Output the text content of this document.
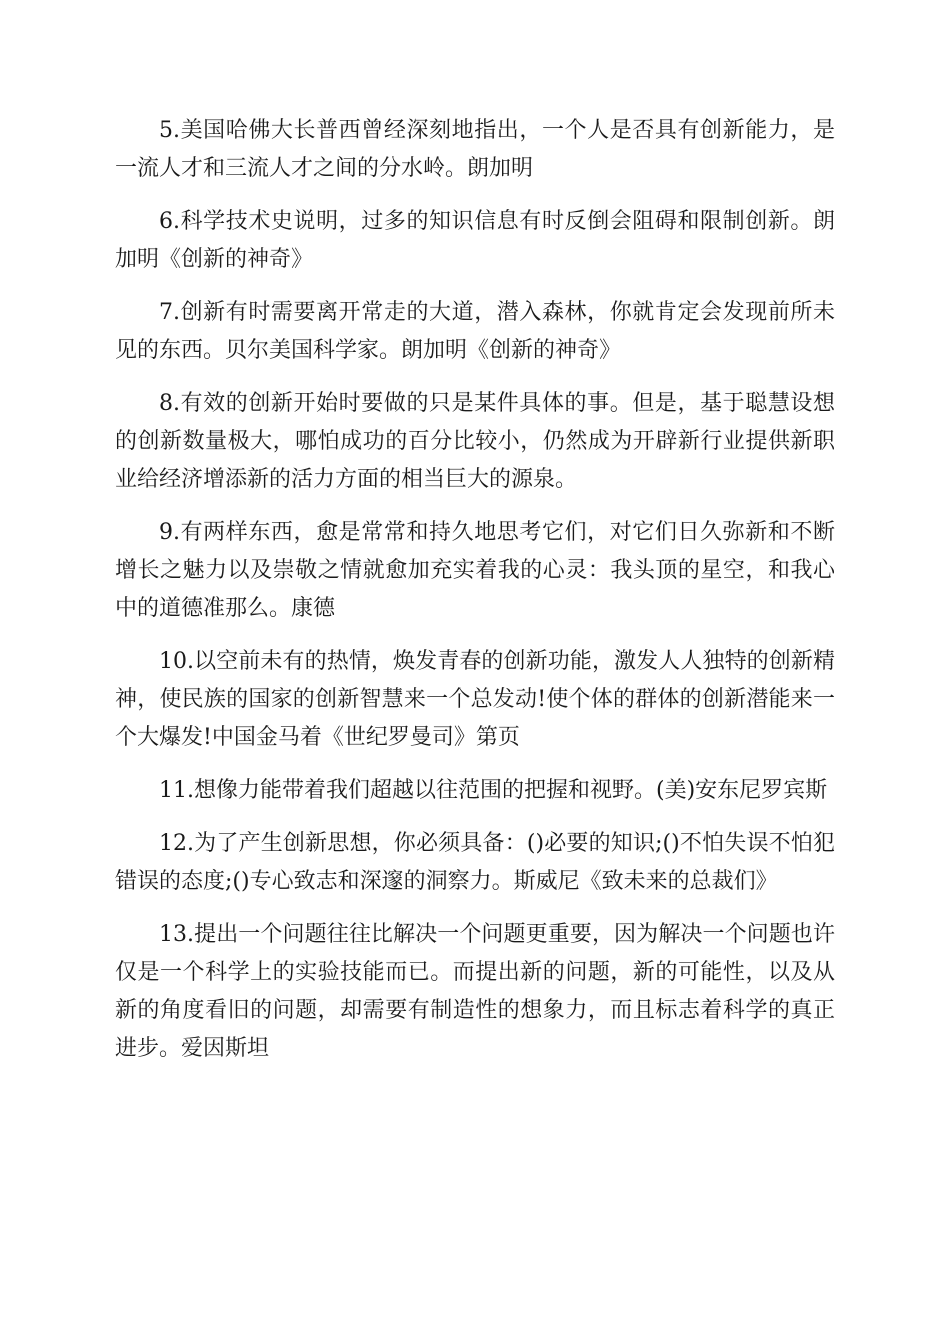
5.美国哈佛大长普西曾经深刻地指出，一个人是否具有创新能力，是一流人才和三流人才之间的分水岭。朗加明

6.科学技术史说明，过多的知识信息有时反倒会阻碍和限制创新。朗加明《创新的神奇》

7.创新有时需要离开常走的大道，潜入森林，你就肯定会发现前所未见的东西。贝尔美国科学家。朗加明《创新的神奇》

8.有效的创新开始时要做的只是某件具体的事。但是，基于聪慧设想的创新数量极大，哪怕成功的百分比较小，仍然成为开辟新行业提供新职业给经济增添新的活力方面的相当巨大的源泉。

9.有两样东西，愈是常常和持久地思考它们，对它们日久弥新和不断增长之魅力以及崇敬之情就愈加充实着我的心灵：我头顶的星空，和我心中的道德准那么。康德

10.以空前未有的热情，焕发青春的创新功能，激发人人独特的创新精神，使民族的国家的创新智慧来一个总发动!使个体的群体的创新潜能来一个大爆发!中国金马着《世纪罗曼司》第页

11.想像力能带着我们超越以往范围的把握和视野。(美)安东尼罗宾斯

12.为了产生创新思想，你必须具备：()必要的知识;()不怕失误不怕犯错误的态度;()专心致志和深邃的洞察力。斯威尼《致未来的总裁们》

13.提出一个问题往往比解决一个问题更重要，因为解决一个问题也许仅是一个科学上的实验技能而已。而提出新的问题，新的可能性，以及从新的角度看旧的问题，却需要有制造性的想象力，而且标志着科学的真正进步。爱因斯坦
